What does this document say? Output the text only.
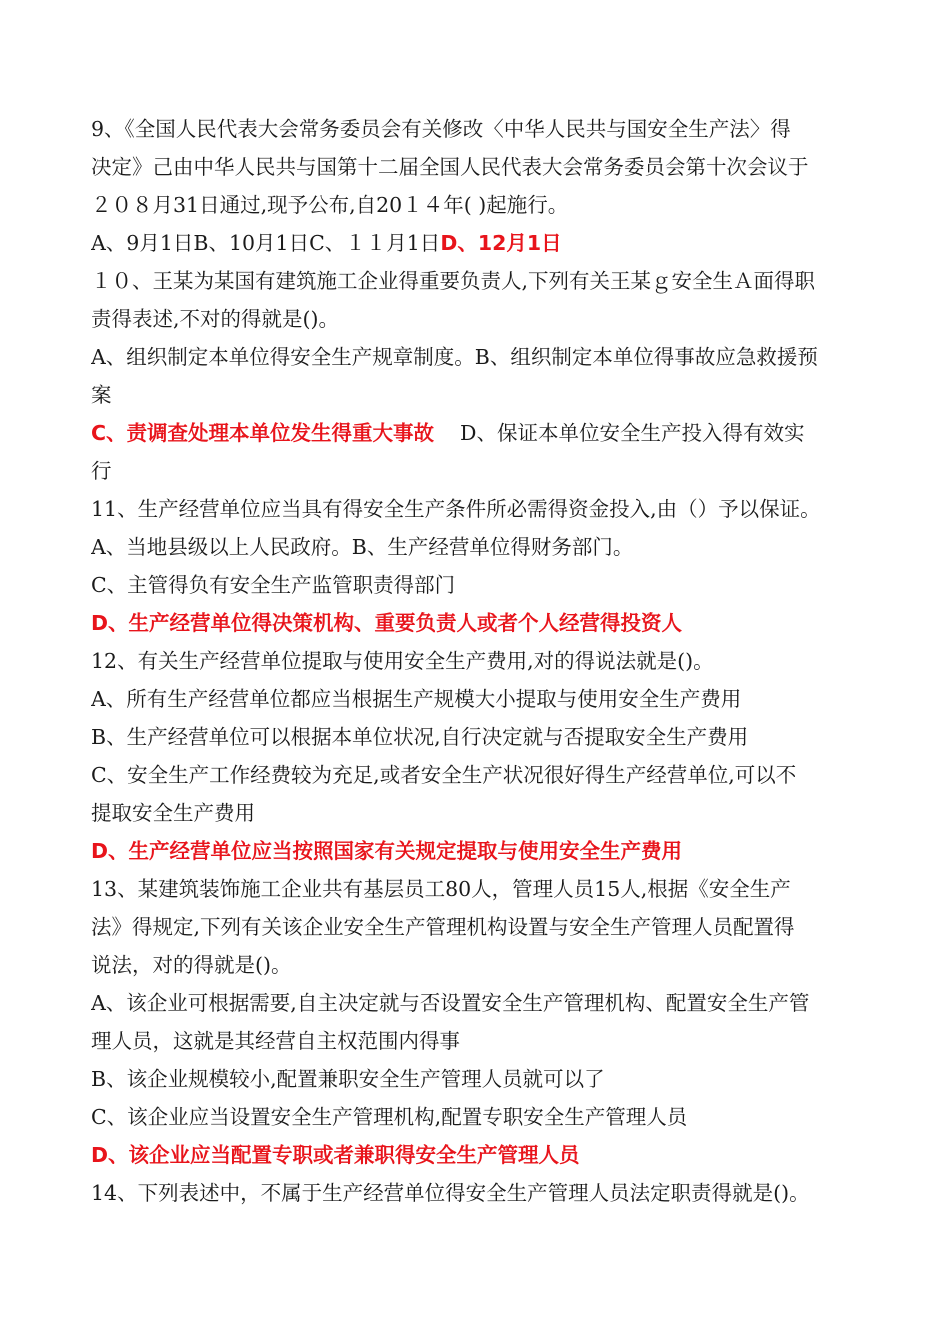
9、《全国人民代表大会常务委员会有关修改〈中华人民共与国安全生产法〉得
决定》己由中华人民共与国第十二届全国人民代表大会常务委员会第十次会议于
２０８月31日通过,现予公布,自20１４年( )起施行。
A、9月1日B、10月1日C、１１月1日D、12月1日
１０、王某为某国有建筑施工企业得重要负责人,下列有关王某ｇ安全生Ａ面得职
责得表述,不对的得就是()。
A、组织制定本单位得安全生产规章制度。B、组织制定本单位得事故应急救援预
案
C、责调查处理本单位发生得重大事故 D、保证本单位安全生产投入得有效实
行
11、生产经营单位应当具有得安全生产条件所必需得资金投入,由（）予以保证。
A、当地县级以上人民政府。B、生产经营单位得财务部门。
C、主管得负有安全生产监管职责得部门
D、生产经营单位得决策机构、重要负责人或者个人经营得投资人
12、有关生产经营单位提取与使用安全生产费用,对的得说法就是()。
A、所有生产经营单位都应当根据生产规模大小提取与使用安全生产费用
B、生产经营单位可以根据本单位状况,自行决定就与否提取安全生产费用
C、安全生产工作经费较为充足,或者安全生产状况很好得生产经营单位,可以不
提取安全生产费用
D、生产经营单位应当按照国家有关规定提取与使用安全生产费用
13、某建筑装饰施工企业共有基层员工80人，管理人员15人,根据《安全生产
法》得规定,下列有关该企业安全生产管理机构设置与安全生产管理人员配置得
说法，对的得就是()。
A、该企业可根据需要,自主决定就与否设置安全生产管理机构、配置安全生产管
理人员，这就是其经营自主权范围内得事
B、该企业规模较小,配置兼职安全生产管理人员就可以了
C、该企业应当设置安全生产管理机构,配置专职安全生产管理人员
D、该企业应当配置专职或者兼职得安全生产管理人员
14、下列表述中，不属于生产经营单位得安全生产管理人员法定职责得就是()。
